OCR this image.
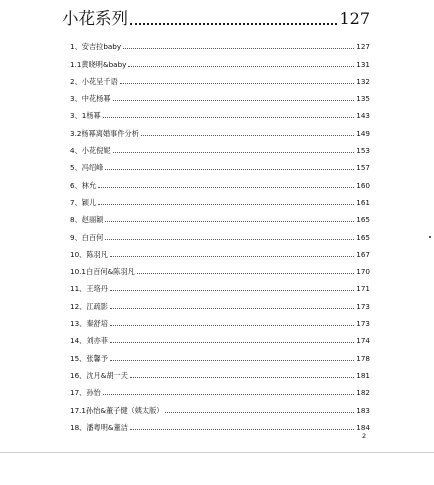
小花系列	127
1、安吉拉baby	127
1.1黄晓明&baby	131
2、小花呈千语	132
3、中花杨幂	135
3、1杨幂	143
3.2杨幂离婚事件分析	149
4、小花倪妮	153
5、冯绍峰	157
6、林允	160
7、颖儿	161
8、赵丽颖	165
9、白百何	165
10、陈羽凡	167
10.1白百何&陈羽凡	170
11、王珞丹	171
12、江疏影	173
13、秦舒培	173
14、刘亦菲	174
15、张馨予	178
16、沈月&胡一天	181
17、孙怡	182
17.1孙怡&董子健（姨太版）	183
18、潘粤明&董洁	184
2
